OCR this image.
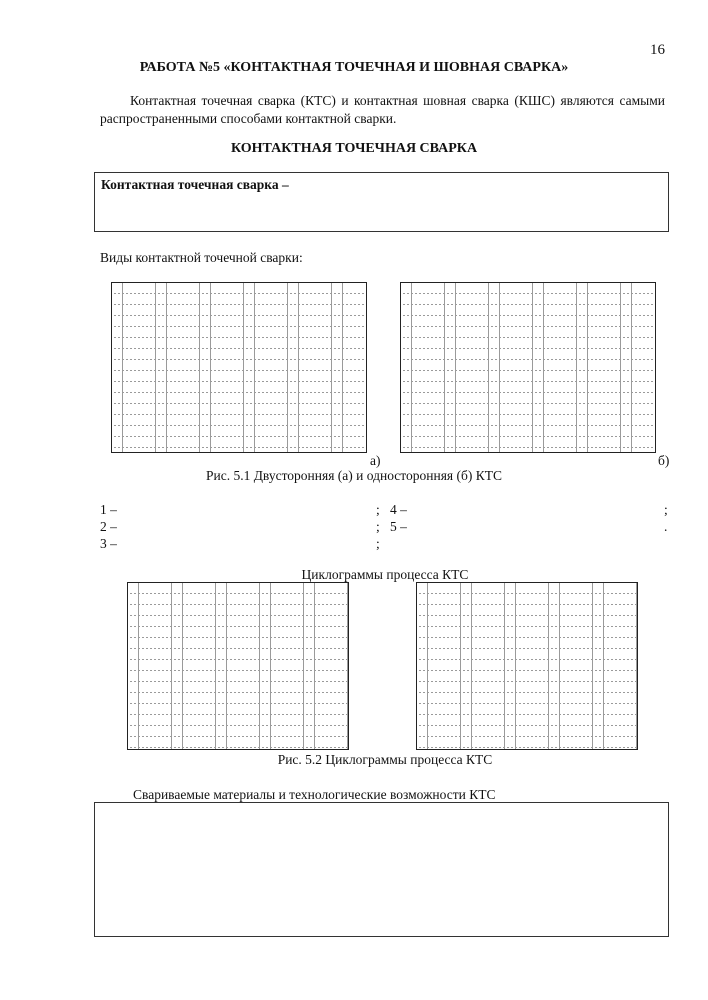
16
РАБОТА №5 «КОНТАКТНАЯ ТОЧЕЧНАЯ И ШОВНАЯ СВАРКА»
Контактная точечная сварка (КТС) и контактная шовная сварка (КШС) являются самыми распространенными способами контактной сварки.
КОНТАКТНАЯ ТОЧЕЧНАЯ СВАРКА
Контактная точечная сварка –
Виды контактной точечной сварки:
а)	б)
Рис. 5.1 Двусторонняя (а) и односторонняя (б) КТС
1 –
2 –
3 –
;
;
;
4 –
5 –
;
.
Циклограммы процесса КТС
Рис. 5.2 Циклограммы процесса КТС
Свариваемые материалы и технологические возможности КТС
